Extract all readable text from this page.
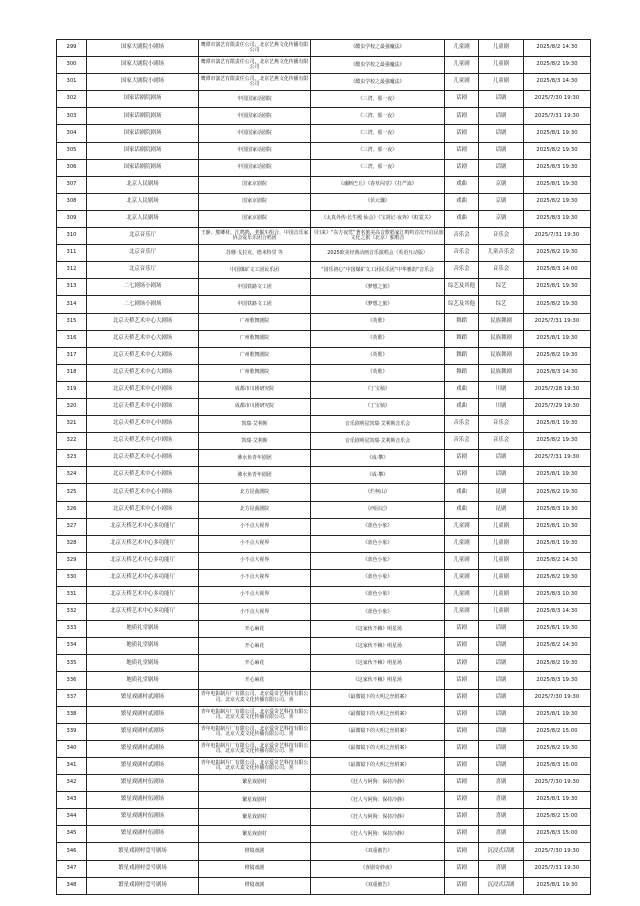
299	国家大剧院小剧场	鹰潭市演艺有限责任公司、北京艺燕文化传播有限公司	《酷虫学校之最强魔法》	儿童剧	儿童剧	2025/8/2 14:30
300	国家大剧院小剧场	鹰潭市演艺有限责任公司、北京艺燕文化传播有限公司	《酷虫学校之最强魔法》	儿童剧	儿童剧	2025/8/2 19:30
301	国家大剧院小剧场	鹰潭市演艺有限责任公司、北京艺燕文化传播有限公司	《酷虫学校之最强魔法》	儿童剧	儿童剧	2025/8/3 14:30
302	国家话剧院剧场	中国国家话剧院	《三湾，那一夜》	话剧	话剧	2025/7/30 19:30
303	国家话剧院剧场	中国国家话剧院	《三湾，那一夜》	话剧	话剧	2025/7/31 19:30
304	国家话剧院剧场	中国国家话剧院	《三湾，那一夜》	话剧	话剧	2025/8/1 19:30
305	国家话剧院剧场	中国国家话剧院	《三湾，那一夜》	话剧	话剧	2025/8/2 19:30
306	国家话剧院剧场	中国国家话剧院	《三湾，那一夜》	话剧	话剧	2025/8/3 19:30
307	北京人民剧场	国家京剧院	《魂断巴丘》《春草闯堂》《打严嵩》	戏曲	京剧	2025/8/1 19:30
308	北京人民剧场	国家京剧院	《伏元骤》	戏曲	京剧	2025/8/2 19:30
309	北京人民剧场	国家京剧院	《太真外传·长生殿 仙会》《宝剑记·夜奔》《虹霓关》	戏曲	京剧	2025/8/3 19:30
310	北京音乐厅	王静、熊卿材、江鸣鸣、老掘车组合、中国音乐家协会爱乐乐团合唱团	《归来》“东方夜莺”著名旅美高音歌唱家江鸣鸣首次开启民族文化之旅（北京）独唱音	音乐会	音乐会	2025/7/31 19:30
311	北京音乐厅	苏珊·戈拉克、德米特里 等	2025欧美经典动画音乐演唱会（英语互动版）	音乐会	儿童音乐会	2025/8/2 19:30
312	北京音乐厅	中国煤矿文工团民乐团	“国乐初心”中国煤矿文工团民乐团“中华雅韵”音乐会	音乐会	音乐会	2025/8/3 14:00
313	二七剧场小剧场	中国铁路文工团	《梦想之旅》	综艺及其他	综艺	2025/8/1 19:30
314	二七剧场小剧场	中国铁路文工团	《梦想之旅》	综艺及其他	综艺	2025/8/2 19:30
315	北京天桥艺术中心大剧场	广州歌舞剧院	《英歌》	舞蹈	民族舞剧	2025/7/31 19:30
316	北京天桥艺术中心大剧场	广州歌舞剧院	《英歌》	舞蹈	民族舞剧	2025/8/1 19:30
317	北京天桥艺术中心大剧场	广州歌舞剧院	《英歌》	舞蹈	民族舞剧	2025/8/2 19:30
318	北京天桥艺术中心大剧场	广州歌舞剧院	《英歌》	舞蹈	民族舞剧	2025/8/3 14:30
319	北京天桥艺术中心中剧场	成都市川剧研究院	《丁宝桢》	戏曲	川剧	2025/7/28 19:30
320	北京天桥艺术中心中剧场	成都市川剧研究院	《丁宝桢》	戏曲	川剧	2025/7/29 19:30
321	北京天桥艺术中心中剧场	凯瑞·艾利斯	音乐剧明星凯瑞·艾利斯音乐会	音乐会	音乐会	2025/8/1 19:30
322	北京天桥艺术中心中剧场	凯瑞·艾利斯	音乐剧明星凯瑞·艾利斯音乐会	音乐会	音乐会	2025/8/2 19:30
323	北京天桥艺术中心小剧场	沸水鱼青年剧团	《成·攀》	话剧	话剧	2025/7/31 19:30
324	北京天桥艺术中心小剧场	沸水鱼青年剧团	《成·攀》	话剧	话剧	2025/8/1 19:30
325	北京天桥艺术中心小剧场	北方昆曲剧院	《烂柯山》	戏曲	昆剧	2025/8/2 19:30
326	北京天桥艺术中心小剧场	北方昆曲剧院	《西园记》	戏曲	昆剧	2025/8/3 19:30
327	北京天桥艺术中心多功能厅	小不点大视界	《蓝色小象》	儿童剧	儿童剧	2025/8/1 10:30
328	北京天桥艺术中心多功能厅	小不点大视界	《蓝色小象》	儿童剧	儿童剧	2025/8/1 19:30
329	北京天桥艺术中心多功能厅	小不点大视界	《蓝色小象》	儿童剧	儿童剧	2025/8/2 14:30
330	北京天桥艺术中心多功能厅	小不点大视界	《蓝色小象》	儿童剧	儿童剧	2025/8/2 19:30
331	北京天桥艺术中心多功能厅	小不点大视界	《蓝色小象》	儿童剧	儿童剧	2025/8/3 10:30
332	北京天桥艺术中心多功能厅	小不点大视界	《蓝色小象》	儿童剧	儿童剧	2025/8/3 14:30
333	地质礼堂剧场	开心麻花	《这家伙不赖》明星场	话剧	话剧	2025/8/1 19:30
334	地质礼堂剧场	开心麻花	《这家伙不赖》明星场	话剧	话剧	2025/8/2 14:30
335	地质礼堂剧场	开心麻花	《这家伙不赖》明星场	话剧	话剧	2025/8/2 19:30
336	地质礼堂剧场	开心麻花	《这家伙不赖》明星场	话剧	话剧	2025/8/3 19:30
337	繁星戏剧村贰剧场	青年电影制片厂有限公司、北京爱奇艺科技有限公司、北京大麦文化传播有限公司、喜	《最微镜下的大明之丝绢案》	话剧	话剧	2025/7/30 19:30
338	繁星戏剧村贰剧场	青年电影制片厂有限公司、北京爱奇艺科技有限公司、北京大麦文化传播有限公司、喜	《最微镜下的大明之丝绢案》	话剧	话剧	2025/8/1 19:30
339	繁星戏剧村贰剧场	青年电影制片厂有限公司、北京爱奇艺科技有限公司、北京大麦文化传播有限公司、喜	《最微镜下的大明之丝绢案》	话剧	话剧	2025/8/2 15:00
340	繁星戏剧村贰剧场	青年电影制片厂有限公司、北京爱奇艺科技有限公司、北京大麦文化传播有限公司、喜	《最微镜下的大明之丝绢案》	话剧	话剧	2025/8/2 19:30
341	繁星戏剧村贰剧场	青年电影制片厂有限公司、北京爱奇艺科技有限公司、北京大麦文化传播有限公司、喜	《最微镜下的大明之丝绢案》	话剧	话剧	2025/8/3 15:00
342	繁星戏剧村伍剧场	繁星戏剧村	《狂人与阿狗：保持冷静》	话剧	喜剧	2025/7/30 19:30
343	繁星戏剧村伍剧场	繁星戏剧村	《狂人与阿狗：保持冷静》	话剧	喜剧	2025/8/1 19:30
344	繁星戏剧村伍剧场	繁星戏剧村	《狂人与阿狗：保持冷静》	话剧	喜剧	2025/8/2 15:00
345	繁星戏剧村伍剧场	繁星戏剧村	《狂人与阿狗：保持冷静》	话剧	喜剧	2025/8/3 15:00
346	繁星戏剧村壹号剧场	橙镜戏剧	《双重被告》	话剧	沉浸式话剧	2025/7/30 19:30
347	繁星戏剧村壹号剧场	橙镜戏剧	《喜剧奇妙夜》	话剧	喜剧	2025/7/31 19:30
348	繁星戏剧村壹号剧场	橙镜戏剧	《双重被告》	话剧	沉浸式话剧	2025/8/1 19:30
